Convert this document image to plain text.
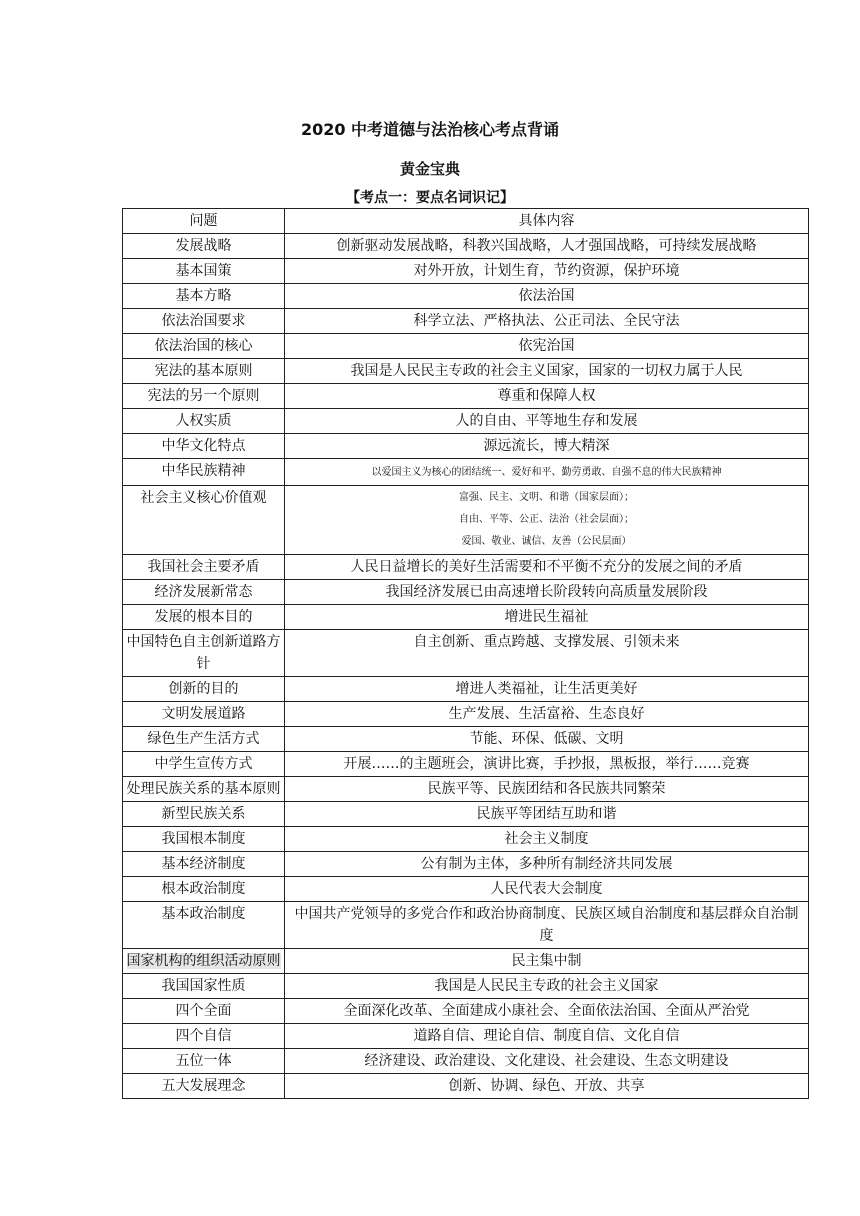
2020 中考道德与法治核心考点背诵
黄金宝典
【考点一：要点名词识记】
问题	具体内容
发展战略	创新驱动发展战略，科教兴国战略，人才强国战略，可持续发展战略
基本国策	对外开放，计划生育，节约资源，保护环境
基本方略	依法治国
依法治国要求	科学立法、严格执法、公正司法、全民守法
依法治国的核心	依宪治国
宪法的基本原则	我国是人民民主专政的社会主义国家，国家的一切权力属于人民
宪法的另一个原则	尊重和保障人权
人权实质	人的自由、平等地生存和发展
中华文化特点	源远流长，博大精深
中华民族精神	以爱国主义为核心的团结统一、爱好和平、勤劳勇敢、自强不息的伟大民族精神
社会主义核心价值观	富强、民主、文明、和谐（国家层面）；
自由、平等、公正、法治（社会层面）；
爱国、敬业、诚信、友善（公民层面）

我国社会主要矛盾	人民日益增长的美好生活需要和不平衡不充分的发展之间的矛盾
经济发展新常态	我国经济发展已由高速增长阶段转向高质量发展阶段
发展的根本目的	增进民生福祉
中国特色自主创新道路方针	自主创新、重点跨越、支撑发展、引领未来
创新的目的	增进人类福祉，让生活更美好
文明发展道路	生产发展、生活富裕、生态良好
绿色生产生活方式	节能、环保、低碳、文明
中学生宣传方式	开展……的主题班会，演讲比赛，手抄报，黑板报，举行……竞赛
处理民族关系的基本原则	民族平等、民族团结和各民族共同繁荣
新型民族关系	民族平等团结互助和谐
我国根本制度	社会主义制度
基本经济制度	公有制为主体，多种所有制经济共同发展
根本政治制度	人民代表大会制度
基本政治制度	中国共产党领导的多党合作和政治协商制度、民族区域自治制度和基层群众自治制度
国家机构的组织活动原则	民主集中制
我国国家性质	我国是人民民主专政的社会主义国家
四个全面	全面深化改革、全面建成小康社会、全面依法治国、全面从严治党
四个自信	道路自信、理论自信、制度自信、文化自信
五位一体	经济建设、政治建设、文化建设、社会建设、生态文明建设
五大发展理念	创新、协调、绿色、开放、共享
